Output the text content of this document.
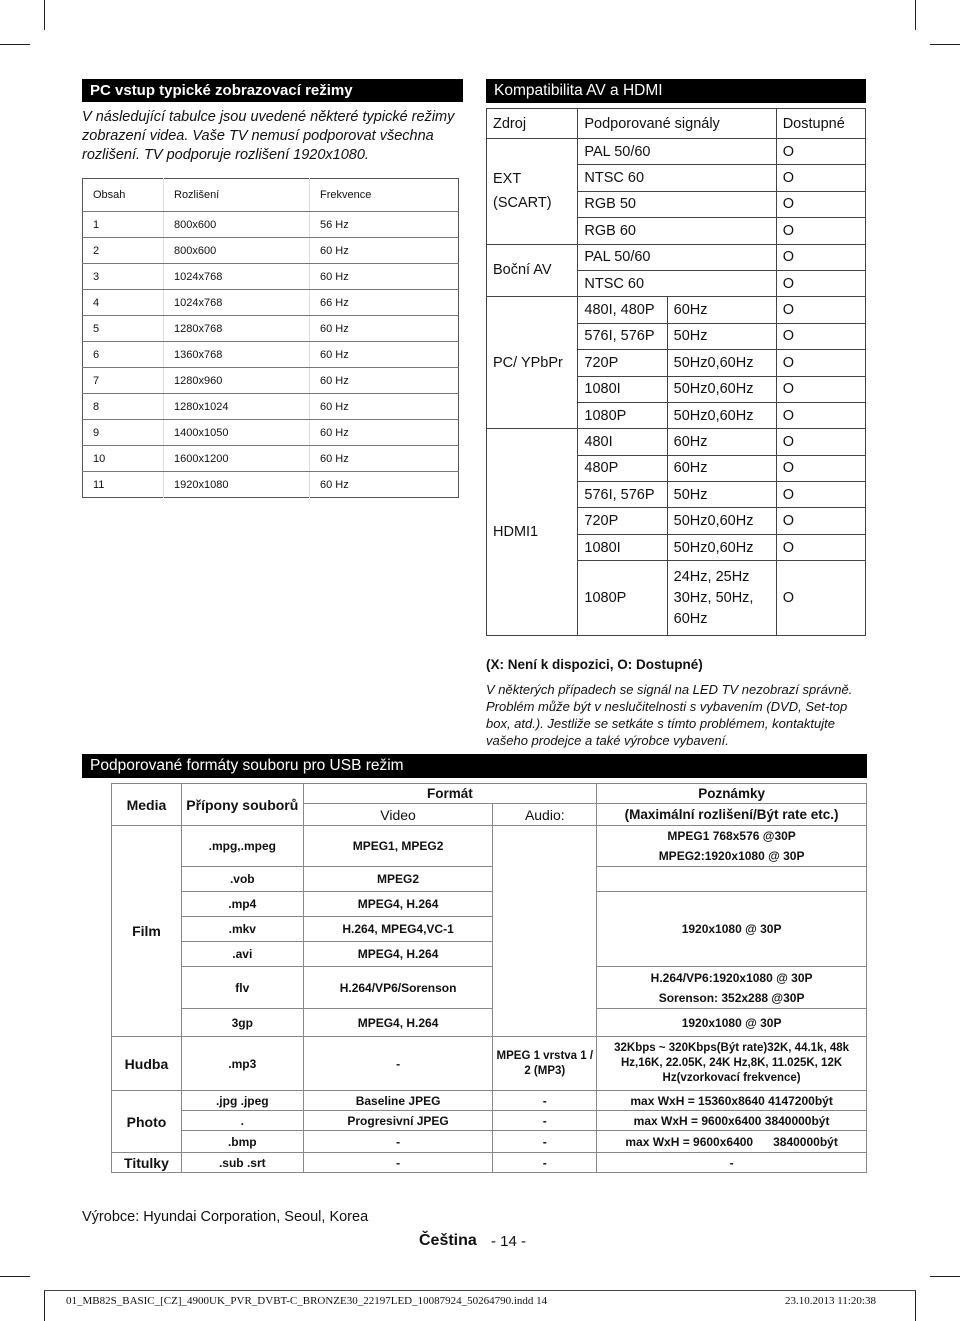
PC vstup typické zobrazovací režimy
V následující tabulce jsou uvedené některé typické režimy zobrazení videa. Vaše TV nemusí podporovat všechna rozlišení. TV podporuje rozlišení 1920x1080.
Obsah	Rozlišení	Frekvence
1	800x600	56 Hz
2	800x600	60 Hz
3	1024x768	60 Hz
4	1024x768	66 Hz
5	1280x768	60 Hz
6	1360x768	60 Hz
7	1280x960	60 Hz
8	1280x1024	60 Hz
9	1400x1050	60 Hz
10	1600x1200	60 Hz
11	1920x1080	60 Hz
Kompatibilita AV a HDMI
Zdroj	Podporované signály		Dostupné
EXT (SCART)	PAL 50/60		O
	NTSC 60		O
	RGB 50		O
	RGB 60		O
Boční AV	PAL 50/60		O
	NTSC 60		O
PC/ YPbPr	480I, 480P	60Hz	O
	576I, 576P	50Hz	O
	720P	50Hz0,60Hz	O
	1080I	50Hz0,60Hz	O
	1080P	50Hz0,60Hz	O
HDMI1	480I	60Hz	O
	480P	60Hz	O
	576I, 576P	50Hz	O
	720P	50Hz0,60Hz	O
	1080I	50Hz0,60Hz	O
	1080P	24Hz, 25Hz 30Hz, 50Hz, 60Hz	O
(X: Není k dispozici, O: Dostupné)
V některých případech se signál na LED TV nezobrazí správně. Problém může být v neslučitelnosti s vybavením (DVD, Set-top box, atd.). Jestliže se setkáte s tímto problémem, kontaktujte vašeho prodejce a také výrobce vybavení.
Podporované formáty souboru pro USB režim
Media	Přípony souborů	Formát		Poznámky
		Video	Audio:	(Maximální rozlišení/Být rate etc.)
Film	.mpg,.mpeg	MPEG1, MPEG2		MPEG1 768x576 @30P
MPEG2:1920x1080 @ 30P

	.vob	MPEG2		
	.mp4	MPEG4, H.264		1920x1080 @ 30P
	.mkv	H.264, MPEG4,VC-1		
	.avi	MPEG4, H.264		
	flv	H.264/VP6/Sorenson		H.264/VP6:1920x1080 @ 30P
Sorenson: 352x288 @30P

	3gp	MPEG4, H.264		1920x1080 @ 30P
Hudba	.mp3	-	MPEG 1 vrstva 1 / 2 (MP3)	32Kbps ~ 320Kbps(Být rate)32K, 44.1k, 48k Hz,16K, 22.05K, 24K Hz,8K, 11.025K, 12K Hz(vzorkovací frekvence)
Photo	.jpg .jpeg	Baseline JPEG	-	max WxH = 15360x8640 4147200být
	.	Progresivní JPEG	-	max WxH = 9600x6400 3840000být
	.bmp	-	-	max WxH = 9600x6400      3840000být
Titulky	.sub .srt	-	-	-
Výrobce: Hyundai Corporation, Seoul, Korea
Čeština - 14 -
01_MB82S_BASIC_[CZ]_4900UK_PVR_DVBT-C_BRONZE30_22197LED_10087924_50264790.indd 14	23.10.2013 11:20:38
